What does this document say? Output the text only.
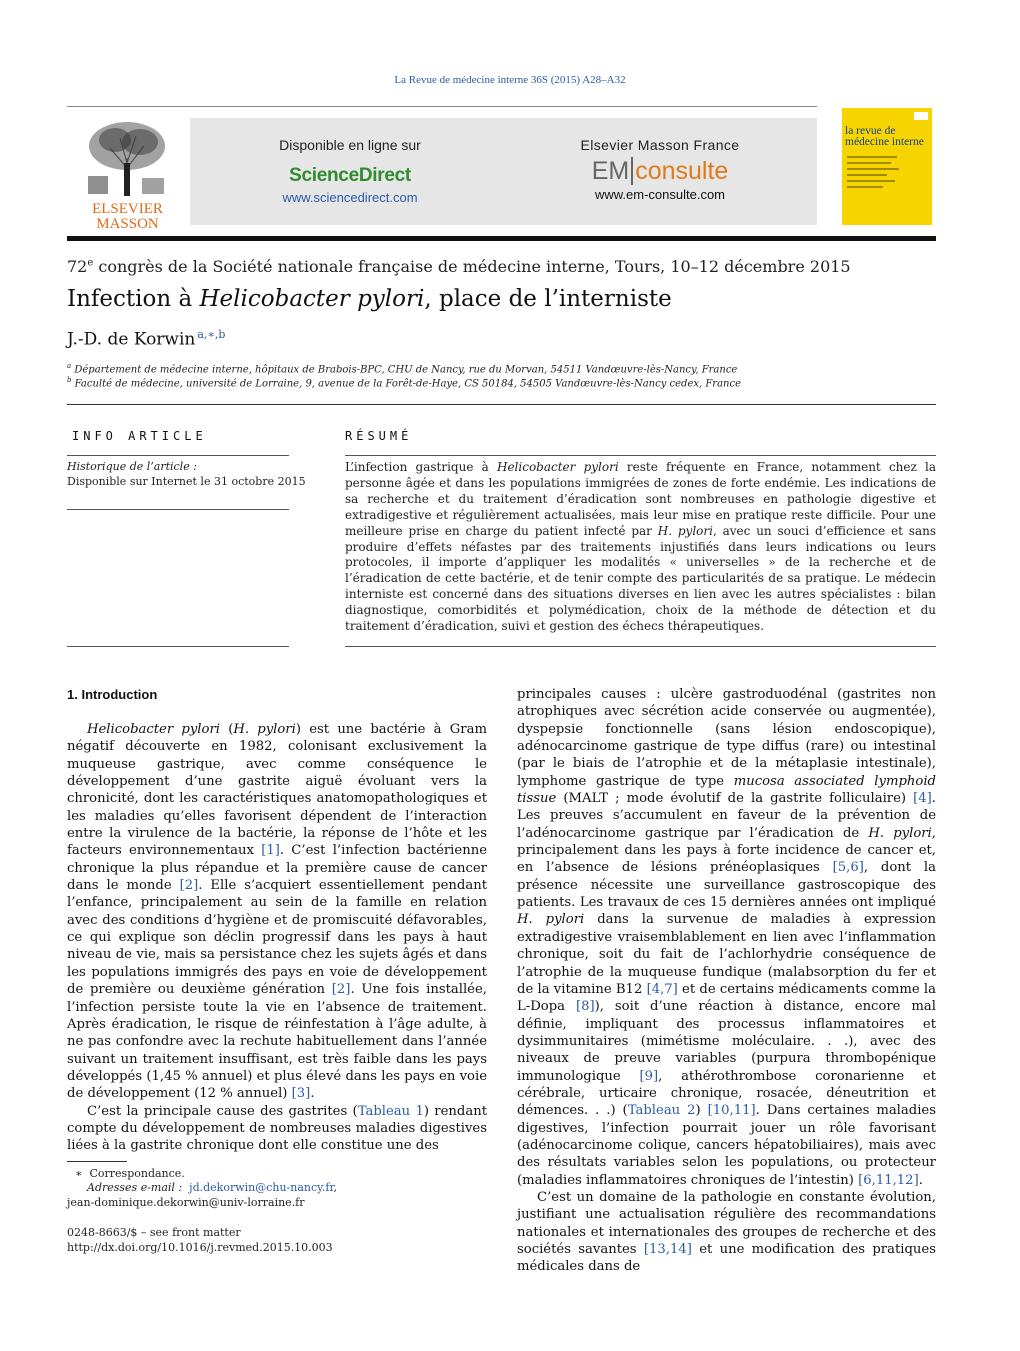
La Revue de médecine interne 36S (2015) A28–A32
ELSEVIER
MASSON
Disponible en ligne sur
ScienceDirect
www.sciencedirect.com
Elsevier Masson France
EM consulte
www.em-consulte.com
la revue de
médecine interne
72e congrès de la Société nationale française de médecine interne, Tours, 10–12 décembre 2015
Infection à Helicobacter pylori, place de l’interniste
J.-D. de Korwin $^{a,∗,b}$
$^a$ Département de médecine interne, hôpitaux de Brabois-BPC, CHU de Nancy, rue du Morvan, 54511 Vandœuvre-lès-Nancy, France
$^b$ Faculté de médecine, université de Lorraine, 9, avenue de la Forêt-de-Haye, CS 50184, 54505 Vandœuvre-lès-Nancy cedex, France
INFO ARTICLE
Historique de l’article :
Disponible sur Internet le 31 octobre 2015
RÉSUMÉ
L’infection gastrique à Helicobacter pylori reste fréquente en France, notamment chez la personne âgée et dans les populations immigrées de zones de forte endémie. Les indications de sa recherche et du traitement d’éradication sont nombreuses en pathologie digestive et extradigestive et régulièrement actualisées, mais leur mise en pratique reste difficile. Pour une meilleure prise en charge du patient infecté par H. pylori, avec un souci d’efficience et sans produire d’effets néfastes par des traitements injustifiés dans leurs indications ou leurs protocoles, il importe d’appliquer les modalités « universelles » de la recherche et de l’éradication de cette bactérie, et de tenir compte des particularités de sa pratique. Le médecin interniste est concerné dans des situations diverses en lien avec les autres spécialistes : bilan diagnostique, comorbidités et polymédication, choix de la méthode de détection et du traitement d’éradication, suivi et gestion des échecs thérapeutiques.
1. Introduction

Helicobacter pylori (H. pylori) est une bactérie à Gram négatif découverte en 1982, colonisant exclusivement la muqueuse gastrique, avec comme conséquence le développement d’une gastrite aiguë évoluant vers la chronicité, dont les caractéristiques anatomopathologiques et les maladies qu’elles favorisent dépendent de l’interaction entre la virulence de la bactérie, la réponse de l’hôte et les facteurs environnementaux [1]. C’est l’infection bactérienne chronique la plus répandue et la première cause de cancer dans le monde [2]. Elle s’acquiert essentiellement pendant l’enfance, principalement au sein de la famille en relation avec des conditions d’hygiène et de promiscuité défavorables, ce qui explique son déclin progressif dans les pays à haut niveau de vie, mais sa persistance chez les sujets âgés et dans les populations immigrés des pays en voie de développement de première ou deuxième génération [2]. Une fois installée, l’infection persiste toute la vie en l’absence de traitement. Après éradication, le risque de réinfestation à l’âge adulte, à ne pas confondre avec la rechute habituellement dans l’année suivant un traitement insuffisant, est très faible dans les pays développés (1,45 % annuel) et plus élevé dans les pays en voie de développement (12 % annuel) [3].

C’est la principale cause des gastrites (Tableau 1) rendant compte du développement de nombreuses maladies digestives liées à la gastrite chronique dont elle constitue une des

principales causes : ulcère gastroduodénal (gastrites non atrophiques avec sécrétion acide conservée ou augmentée), dyspepsie fonctionnelle (sans lésion endoscopique), adénocarcinome gastrique de type diffus (rare) ou intestinal (par le biais de l’atrophie et de la métaplasie intestinale), lymphome gastrique de type mucosa associated lymphoid tissue (MALT ; mode évolutif de la gastrite folliculaire) [4]. Les preuves s’accumulent en faveur de la prévention de l’adénocarcinome gastrique par l’éradication de H. pylori, principalement dans les pays à forte incidence de cancer et, en l’absence de lésions prénéoplasiques [5,6], dont la présence nécessite une surveillance gastroscopique des patients. Les travaux de ces 15 dernières années ont impliqué H. pylori dans la survenue de maladies à expression extradigestive vraisemblablement en lien avec l’inflammation chronique, soit du fait de l’achlorhydrie conséquence de l’atrophie de la muqueuse fundique (malabsorption du fer et de la vitamine B12 [4,7] et de certains médicaments comme la L-Dopa [8]), soit d’une réaction à distance, encore mal définie, impliquant des processus inflammatoires et dysimmunitaires (mimétisme moléculaire. . .), avec des niveaux de preuve variables (purpura thrombopénique immunologique [9], athérothrombose coronarienne et cérébrale, urticaire chronique, rosacée, déneutrition et démences. . .) (Tableau 2) [10,11]. Dans certaines maladies digestives, l’infection pourrait jouer un rôle favorisant (adénocarcinome colique, cancers hépatobiliaires), mais avec des résultats variables selon les populations, ou protecteur (maladies inflammatoires chroniques de l’intestin) [6,11,12].

C’est un domaine de la pathologie en constante évolution, justifiant une actualisation régulière des recommandations nationales et internationales des groupes de recherche et des sociétés savantes [13,14] et une modification des pratiques médicales dans de

∗ Correspondance.
Adresses e-mail : jd.dekorwin@chu-nancy.fr,
jean-dominique.dekorwin@univ-lorraine.fr
0248-8663/$ – see front matter
http://dx.doi.org/10.1016/j.revmed.2015.10.003
